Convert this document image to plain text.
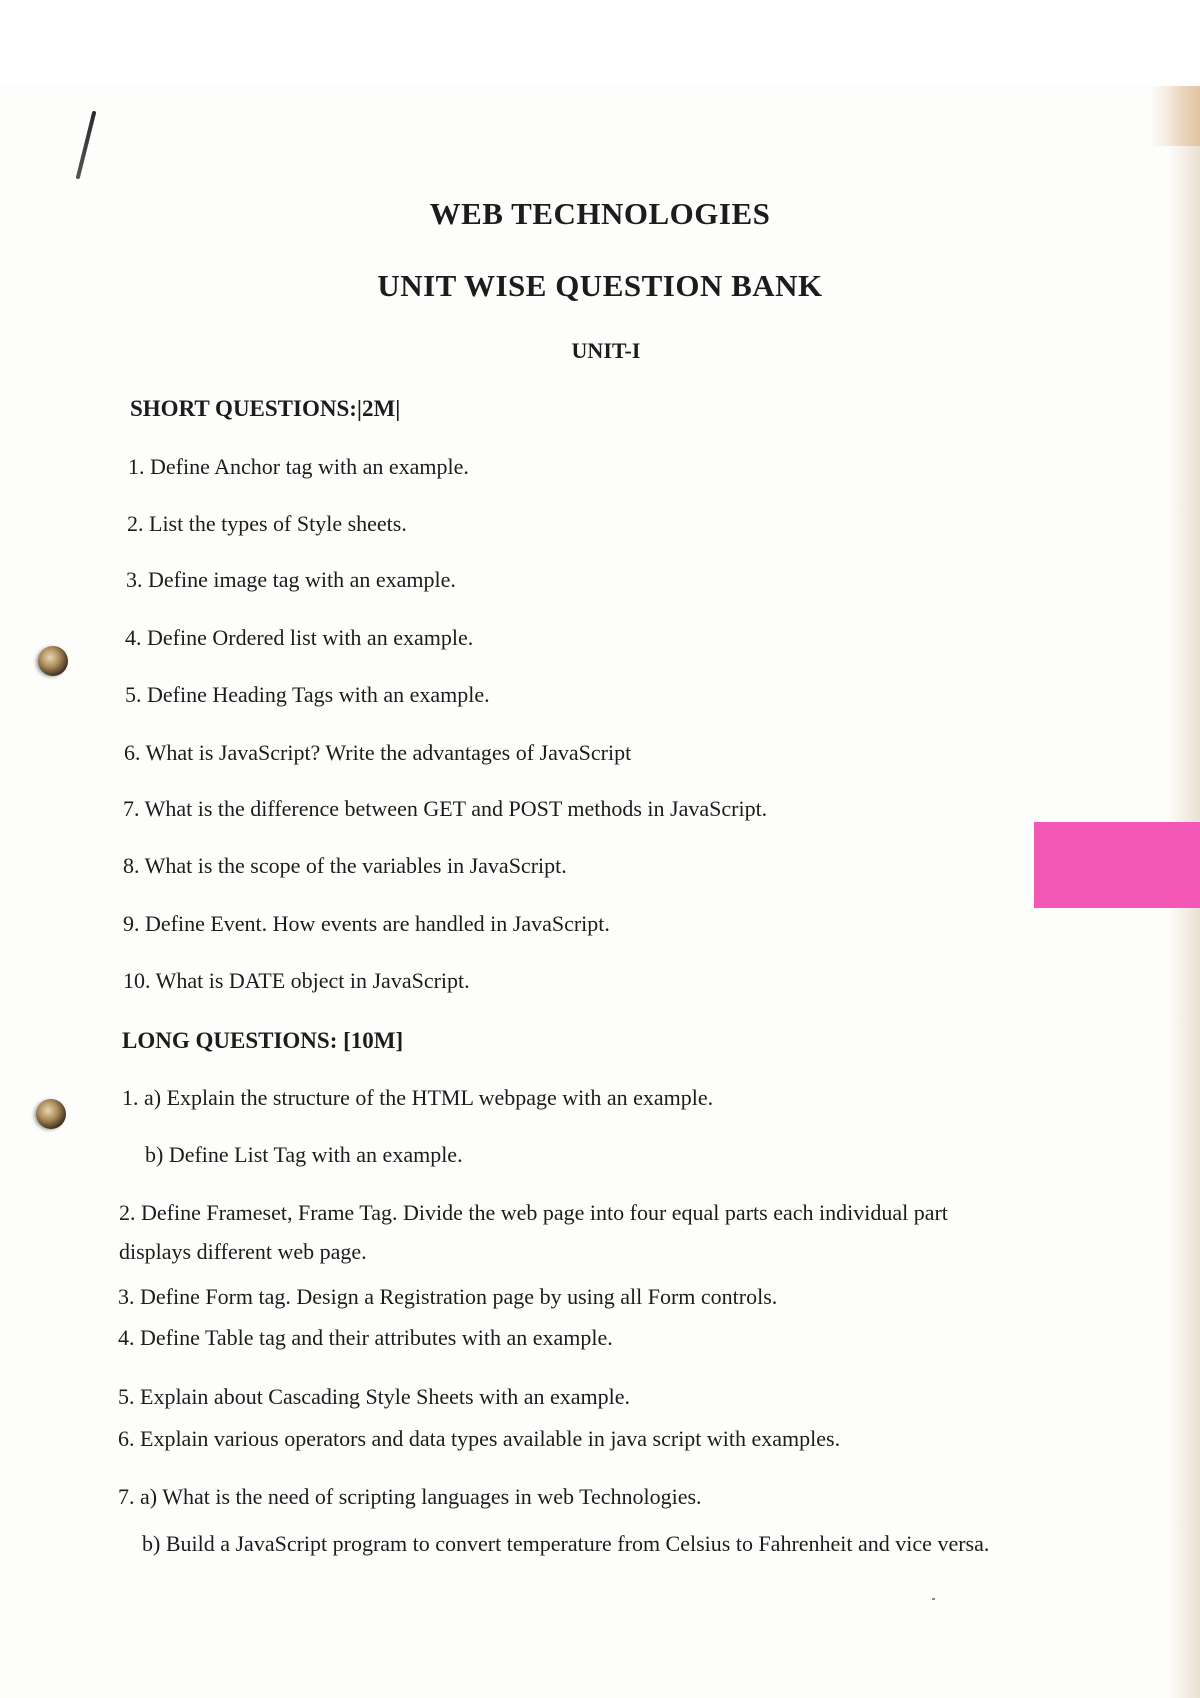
WEB TECHNOLOGIES
UNIT WISE QUESTION BANK
UNIT-I

SHORT QUESTIONS:|2M|

1. Define Anchor tag with an example.

2. List the types of Style sheets.

3. Define image tag with an example.

4. Define Ordered list with an example.

5. Define Heading Tags with an example.

6. What is JavaScript? Write the advantages of JavaScript

7. What is the difference between GET and POST methods in JavaScript.

8. What is the scope of the variables in JavaScript.

9. Define Event. How events are handled in JavaScript.

10. What is DATE object in JavaScript.

LONG QUESTIONS: [10M]

1. a) Explain the structure of the HTML webpage with an example.

b) Define List Tag with an example.

2. Define Frameset, Frame Tag. Divide the web page into four equal parts each individual part displays different web page.

3. Define Form tag. Design a Registration page by using all Form controls.

4. Define Table tag and their attributes with an example.

5. Explain about Cascading Style Sheets with an example.

6. Explain various operators and data types available in java script with examples.

7. a) What is the need of scripting languages in web Technologies.

b) Build a JavaScript program to convert temperature from Celsius to Fahrenheit and vice versa.
